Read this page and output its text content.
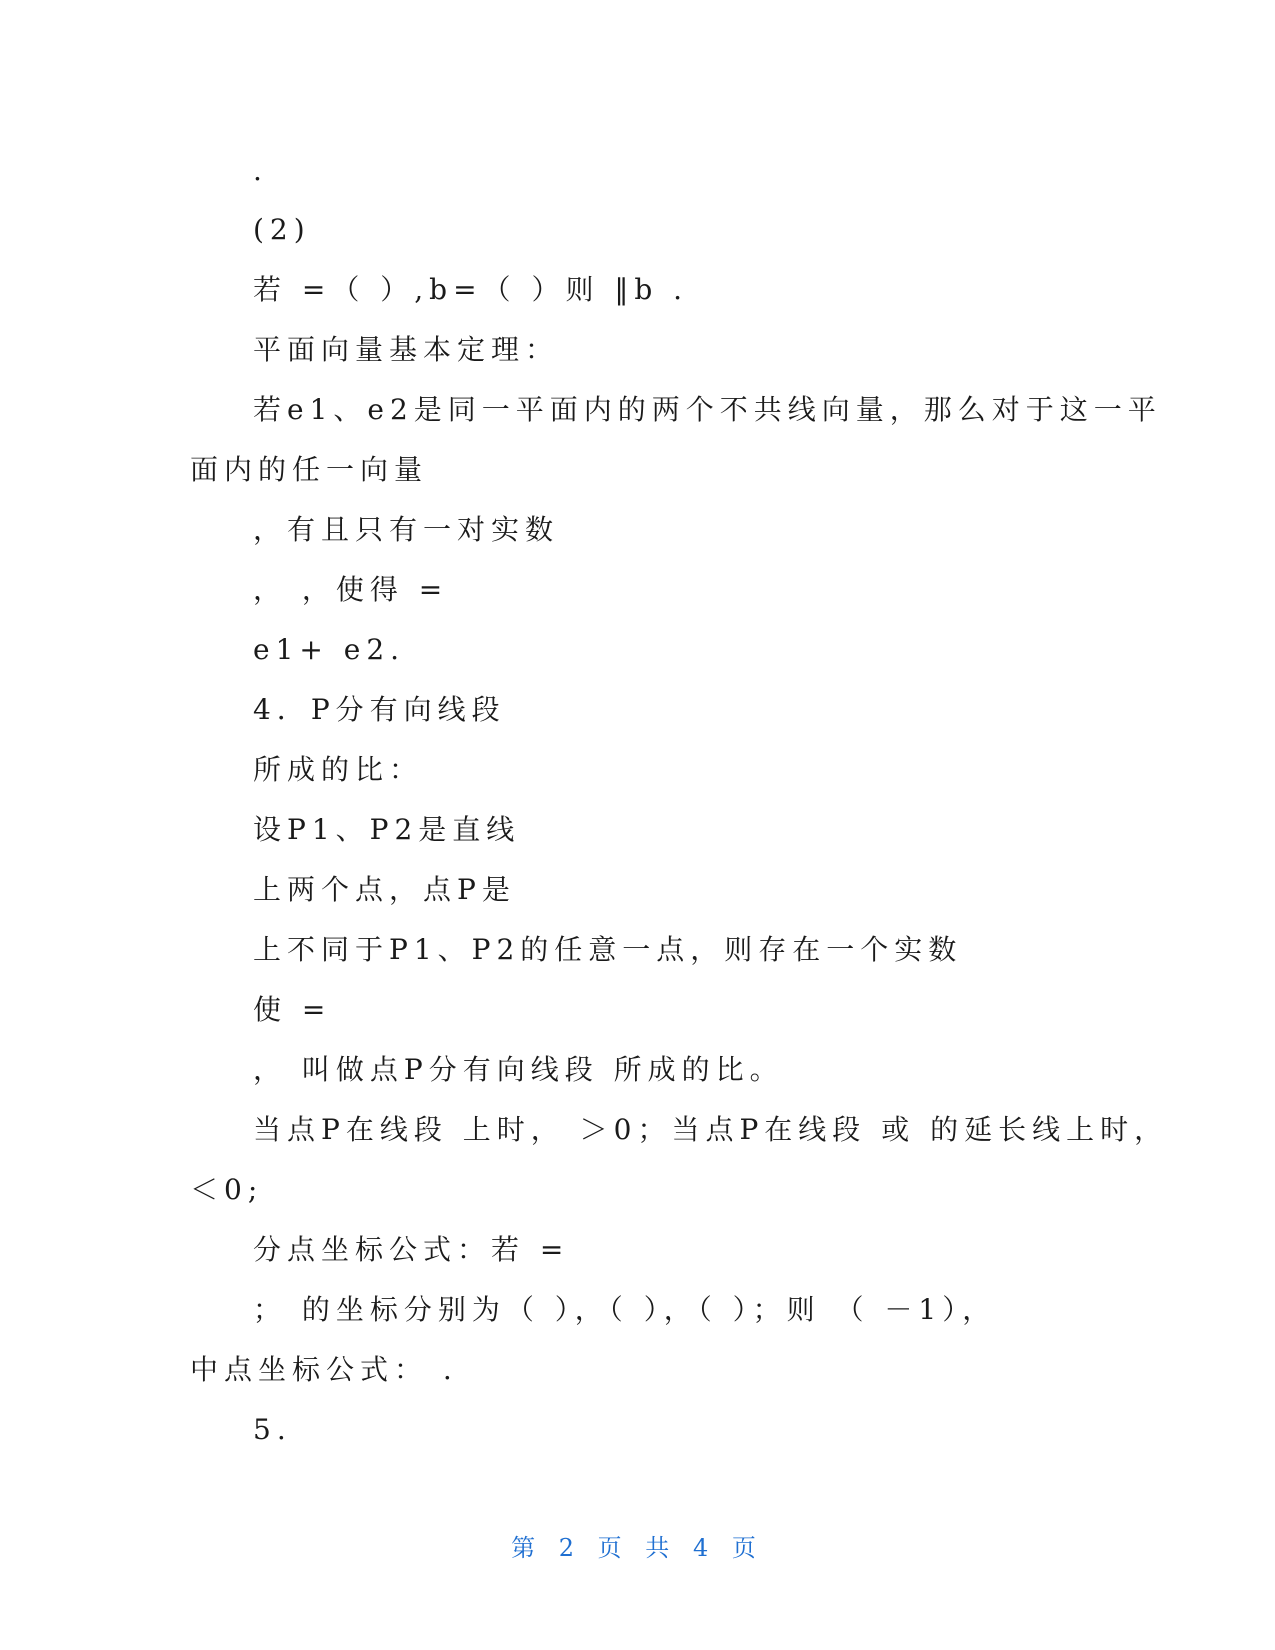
.
(2)
若 =（ ）,b=（ ）则 ‖b .
平面向量基本定理：
若e1、e2是同一平面内的两个不共线向量，那么对于这一平
面内的任一向量
，有且只有一对实数
， ，使得 =
e1+ e2.
4．P分有向线段
所成的比：
设P1、P2是直线
上两个点，点P是
上不同于P1、P2的任意一点，则存在一个实数
使 =
， 叫做点P分有向线段 所成的比。
当点P在线段 上时， ＞0；当点P在线段 或 的延长线上时，
＜0;
分点坐标公式：若 =
； 的坐标分别为（ ），（ ），（ ）；则 （ －1），
中点坐标公式： .
5.
第 2 页 共 4 页
